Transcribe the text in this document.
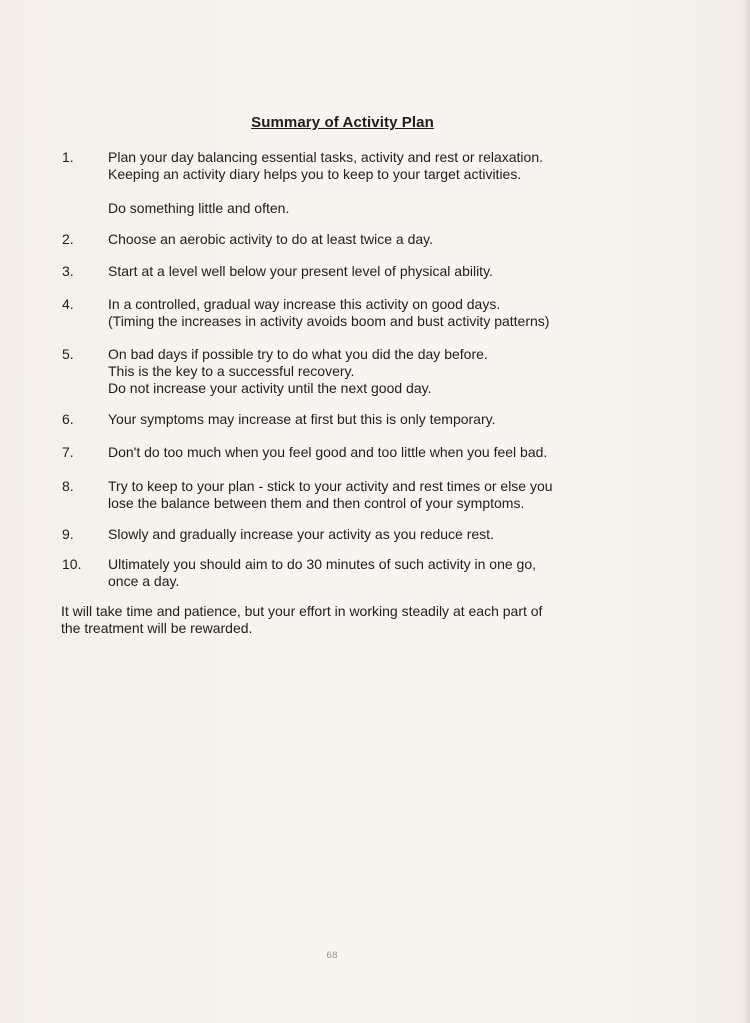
Summary of Activity Plan
1.	Plan your day balancing essential tasks, activity and rest or relaxation.
Keeping an activity diary helps you to keep to your target activities.
Do something little and often.
2.	Choose an aerobic activity to do at least twice a day.
3.	Start at a level well below your present level of physical ability.
4.	In a controlled, gradual way increase this activity on good days.
(Timing the increases in activity avoids boom and bust activity patterns)
5.	On bad days if possible try to do what you did the day before.
This is the key to a successful recovery.
Do not increase your activity until the next good day.
6.	Your symptoms may increase at first but this is only temporary.
7.	Don't do too much when you feel good and too little when you feel bad.
8.	Try to keep to your plan - stick to your activity and rest times or else you
lose the balance between them and then control of your symptoms.
9.	Slowly and gradually increase your activity as you reduce rest.
10.	Ultimately you should aim to do 30 minutes of such activity in one go,
once a day.
It will take time and patience, but your effort in working steadily at each part of
the treatment will be rewarded.
68
